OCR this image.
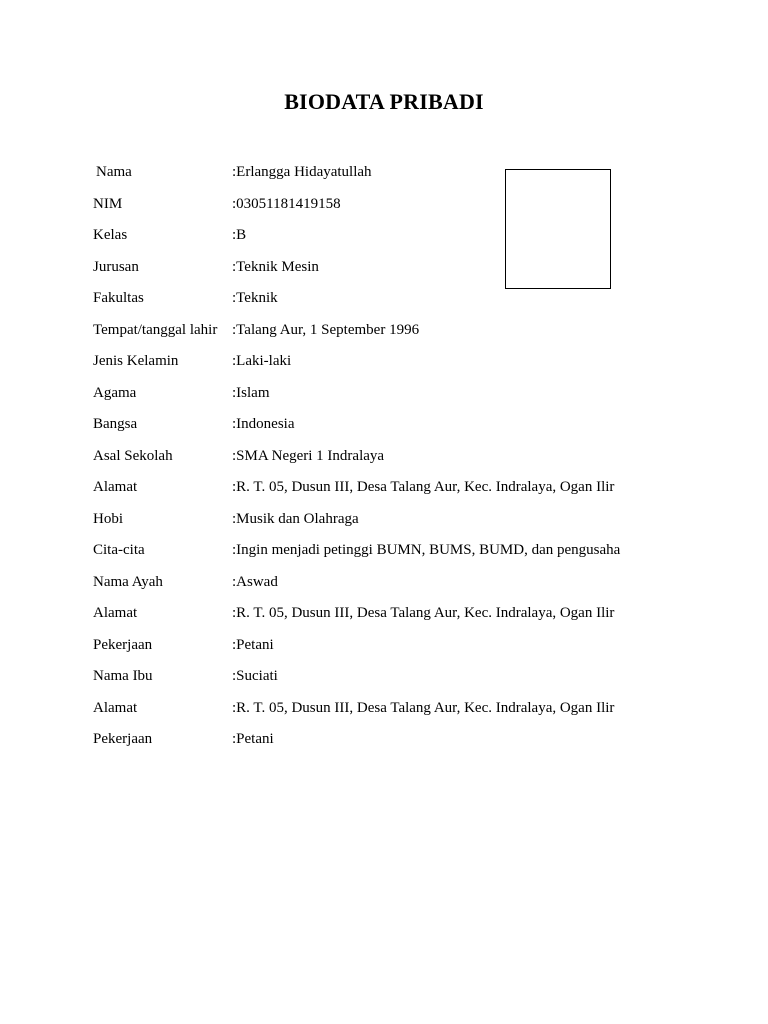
BIODATA PRIBADI
Nama	: Erlangga Hidayatullah
NIM	: 03051181419158
Kelas	: B
Jurusan	: Teknik Mesin
Fakultas	: Teknik
Tempat/tanggal lahir : Talang Aur, 1 September 1996
Jenis Kelamin	: Laki-laki
Agama	: Islam
Bangsa	: Indonesia
Asal Sekolah	: SMA Negeri 1 Indralaya
Alamat	: R. T. 05, Dusun III, Desa Talang Aur, Kec. Indralaya, Ogan Ilir
Hobi	: Musik dan Olahraga
Cita-cita	: Ingin menjadi petinggi BUMN, BUMS, BUMD, dan pengusaha
Nama Ayah	: Aswad
Alamat	: R. T. 05, Dusun III, Desa Talang Aur, Kec. Indralaya, Ogan Ilir
Pekerjaan	: Petani
Nama Ibu	: Suciati
Alamat	: R. T. 05, Dusun III, Desa Talang Aur, Kec. Indralaya, Ogan Ilir
Pekerjaan	: Petani
